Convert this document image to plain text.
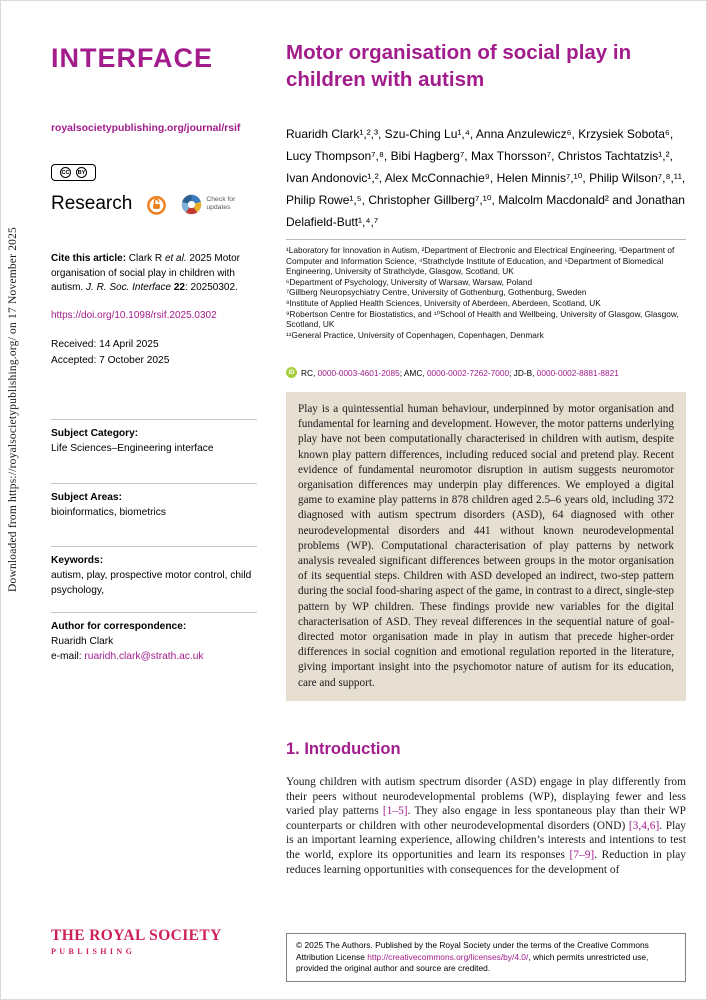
Downloaded from https://royalsocietypublishing.org/ on 17 November 2025
INTERFACE
royalsocietypublishing.org/journal/rsif
CC BY
Research	Check for updates

Cite this article: Clark R et al. 2025 Motor organisation of social play in children with autism. J. R. Soc. Interface 22: 20250302.

https://doi.org/10.1098/rsif.2025.0302

Received: 14 April 2025

Accepted: 7 October 2025

Subject Category:
Life Sciences–Engineering interface
Subject Areas:
bioinformatics, biometrics
Keywords:
autism, play, prospective motor control, child psychology,
Author for correspondence:
Ruaridh Clark
e-mail: ruaridh.clark@strath.ac.uk
THE ROYAL SOCIETY
PUBLISHING
Motor organisation of social play in children with autism

Ruaridh Clark¹,²,³, Szu-Ching Lu¹,⁴, Anna Anzulewicz⁶, Krzysiek Sobota⁶, Lucy Thompson⁷,⁸, Bibi Hagberg⁷, Max Thorsson⁷, Christos Tachtatzis¹,², Ivan Andonovic¹,², Alex McConnachie⁹, Helen Minnis⁷,¹⁰, Philip Wilson⁷,⁸,¹¹, Philip Rowe¹,⁵, Christopher Gillberg⁷,¹⁰, Malcolm Macdonald² and Jonathan Delafield-Butt¹,⁴,⁷

¹Laboratory for Innovation in Autism, ²Department of Electronic and Electrical Engineering, ³Department of Computer and Information Science, ⁴Strathclyde Institute of Education, and ⁵Department of Biomedical Engineering, University of Strathclyde, Glasgow, Scotland, UK
⁶Department of Psychology, University of Warsaw, Warsaw, Poland
⁷Gillberg Neuropsychiatry Centre, University of Gothenburg, Gothenburg, Sweden
⁸Institute of Applied Health Sciences, University of Aberdeen, Aberdeen, Scotland, UK
⁹Robertson Centre for Biostatistics, and ¹⁰School of Health and Wellbeing, University of Glasgow, Glasgow, Scotland, UK
¹¹General Practice, University of Copenhagen, Copenhagen, Denmark

iD RC, 0000-0003-4601-2085; AMC, 0000-0002-7262-7000; JD-B, 0000-0002-8881-8821

Play is a quintessential human behaviour, underpinned by motor organisation and fundamental for learning and development. However, the motor patterns underlying play have not been computationally characterised in children with autism, despite known play pattern differences, including reduced social and pretend play. Recent evidence of fundamental neuromotor disruption in autism suggests neuromotor organisation differences may underpin play differences. We employed a digital game to examine play patterns in 878 children aged 2.5–6 years old, including 372 diagnosed with autism spectrum disorders (ASD), 64 diagnosed with other neurodevelopmental disorders and 441 without known neurodevelopmental problems (WP). Computational characterisation of play patterns by network analysis revealed significant differences between groups in the motor organisation of its sequential steps. Children with ASD developed an indirect, two-step pattern during the social food-sharing aspect of the game, in contrast to a direct, single-step pattern by WP children. These findings provide new variables for the digital characterisation of ASD. They reveal differences in the sequential nature of goal-directed motor organisation made in play in autism that precede higher-order differences in social cognition and emotional regulation reported in the literature, giving important insight into the psychomotor nature of autism for its education, care and support.
1. Introduction

Young children with autism spectrum disorder (ASD) engage in play differently from their peers without neurodevelopmental problems (WP), displaying fewer and less varied play patterns [1–5]. They also engage in less spontaneous play than their WP counterparts or children with other neurodevelopmental disorders (OND) [3,4,6]. Play is an important learning experience, allowing children’s interests and intentions to test the world, explore its opportunities and learn its responses [7–9]. Reduction in play reduces learning opportunities with consequences for the development of

© 2025 The Authors. Published by the Royal Society under the terms of the Creative Commons Attribution License http://creativecommons.org/licenses/by/4.0/, which permits unrestricted use, provided the original author and source are credited.
